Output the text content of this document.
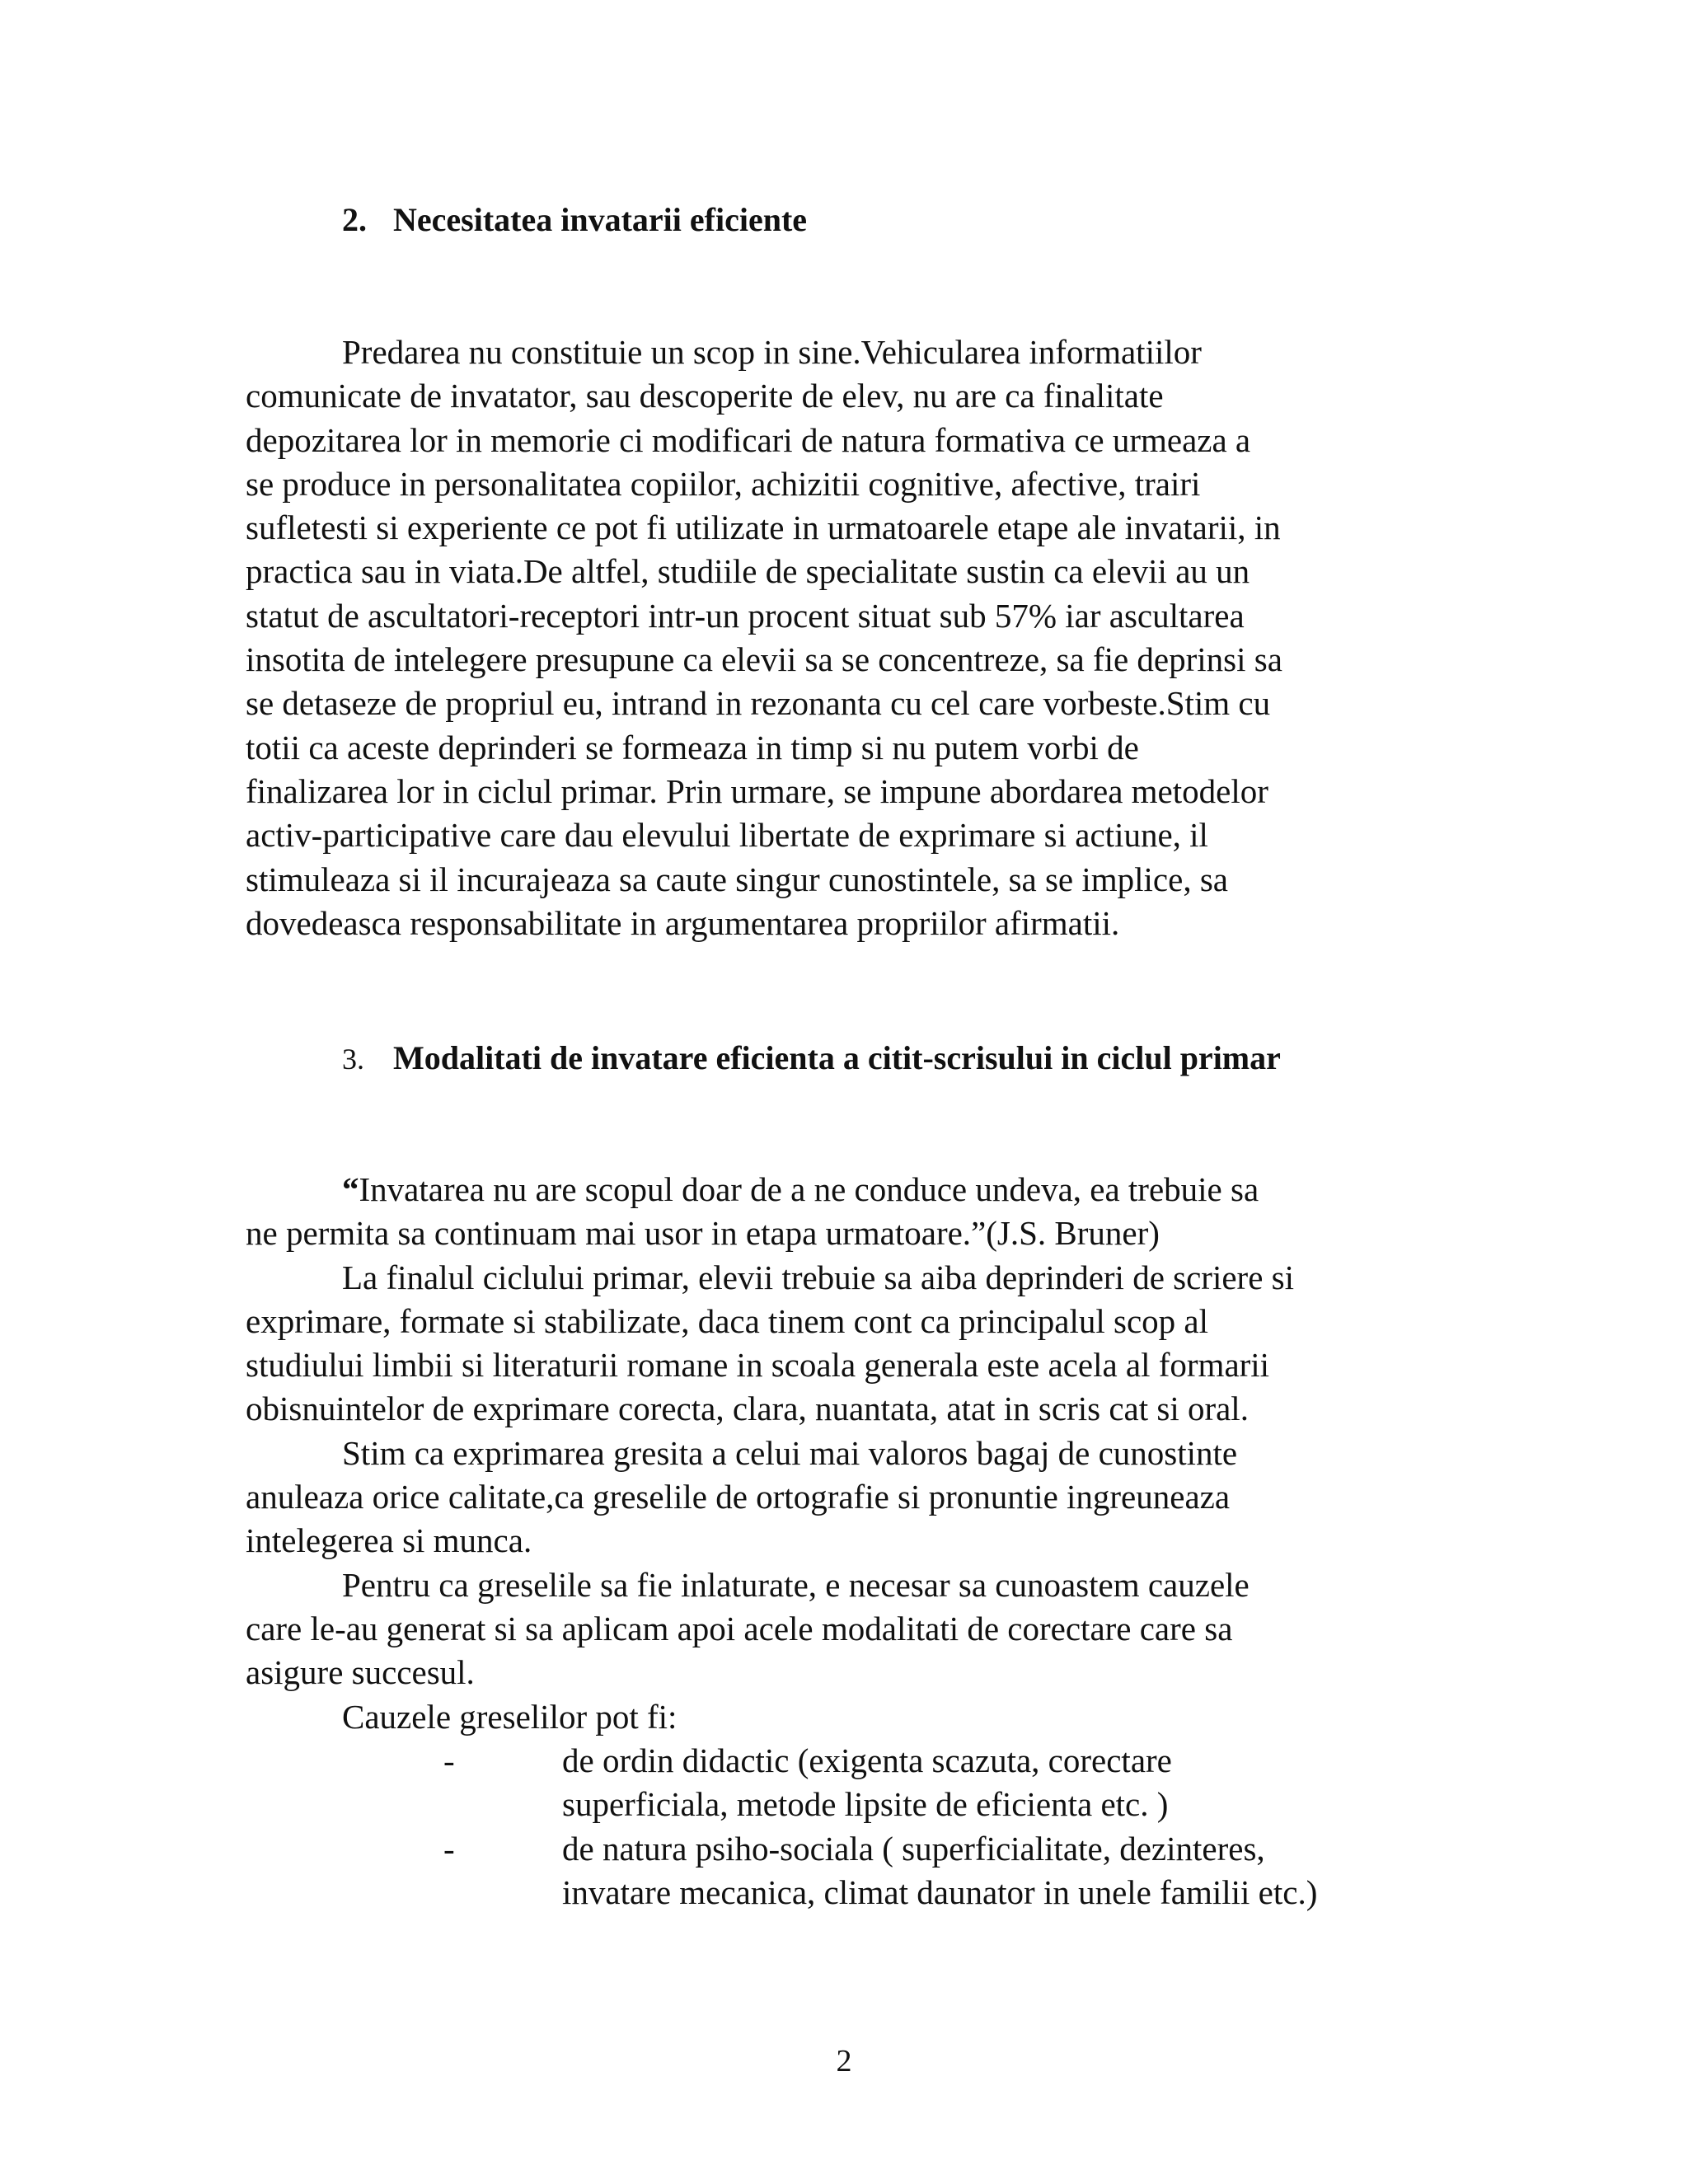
2. Necesitatea invatarii eficiente
Predarea nu constituie un scop in sine.Vehicularea informatiilor
comunicate de invatator, sau descoperite de elev, nu are ca finalitate
depozitarea lor in memorie ci modificari de natura formativa ce urmeaza a
se produce in personalitatea copiilor, achizitii cognitive, afective, trairi
sufletesti si experiente ce pot fi utilizate in urmatoarele etape ale invatarii, in
practica sau in viata.De altfel, studiile de specialitate sustin ca elevii au un
statut de ascultatori-receptori intr-un procent situat sub 57% iar ascultarea
insotita de intelegere presupune ca elevii sa se concentreze, sa fie deprinsi sa
se detaseze de propriul eu, intrand in rezonanta cu cel care vorbeste.Stim cu
totii ca aceste deprinderi se formeaza in timp si nu putem vorbi de
finalizarea lor in ciclul primar. Prin urmare, se impune abordarea metodelor
activ-participative care dau elevului libertate de exprimare si actiune, il
stimuleaza si il incurajeaza sa caute singur cunostintele, sa se implice, sa
dovedeasca responsabilitate in argumentarea propriilor afirmatii.
3. Modalitati de invatare eficienta a citit-scrisului in ciclul primar
“Invatarea nu are scopul doar de a ne conduce undeva, ea trebuie sa
ne permita sa continuam mai usor in etapa urmatoare.”(J.S. Bruner)
La finalul ciclului primar, elevii trebuie sa aiba deprinderi de scriere si
exprimare, formate si stabilizate, daca tinem cont ca principalul scop al
studiului limbii si literaturii romane in scoala generala este acela al formarii
obisnuintelor de exprimare corecta, clara, nuantata, atat in scris cat si oral.
Stim ca exprimarea gresita a celui mai valoros bagaj de cunostinte
anuleaza orice calitate,ca greselile de ortografie si pronuntie ingreuneaza
intelegerea si munca.
Pentru ca greselile sa fie inlaturate, e necesar sa cunoastem cauzele
care le-au generat si sa aplicam apoi acele modalitati de corectare care sa
asigure succesul.
Cauzele greselilor pot fi:
-	de ordin didactic (exigenta scazuta, corectare
superficiala, metode lipsite de eficienta etc. )
-	de natura psiho-sociala ( superficialitate, dezinteres,
invatare mecanica, climat daunator in unele familii etc.)
2
